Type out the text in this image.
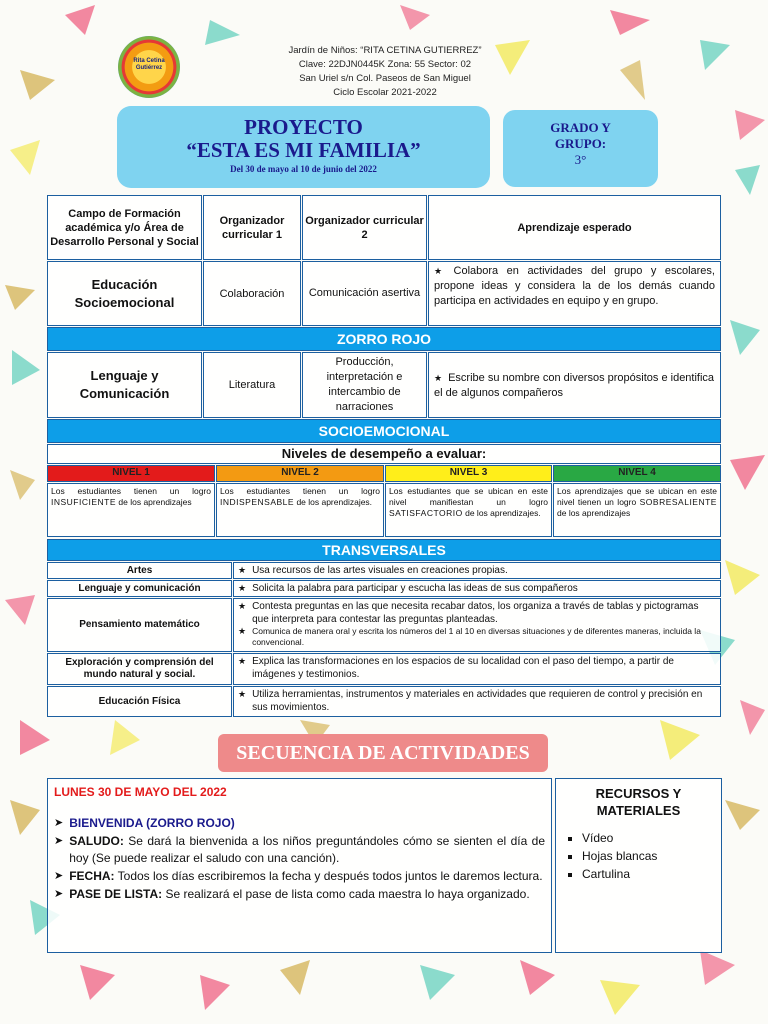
Rita Cetina Gutiérrez
Jardín de Niños: “RITA CETINA GUTIERREZ”
Clave: 22DJN0445K Zona: 55 Sector: 02
San Uriel s/n Col. Paseos de San Miguel
Ciclo Escolar 2021-2022
PROYECTO
“ESTA ES MI FAMILIA”
Del 30 de mayo al 10 de junio del 2022
GRADO Y
GRUPO:
3°
Campo de Formación académica y/o Área de Desarrollo Personal y Social
Organizador curricular 1
Organizador curricular 2
Aprendizaje esperado
Educación Socioemocional
Colaboración Comunicación asertiva
★ Colabora en actividades del grupo y escolares, propone ideas y considera la de los demás cuando participa en actividades en equipo y en grupo.
ZORRO ROJO
Lenguaje y Comunicación
Literatura
Producción, interpretación e intercambio de narraciones
★ Escribe su nombre con diversos propósitos e identifica el de algunos compañeros
SOCIOEMOCIONAL
Niveles de desempeño a evaluar:
NIVEL 1
Los estudiantes tienen un logro INSUFICIENTE de los aprendizajes
NIVEL 2
Los estudiantes tienen un logro INDISPENSABLE de los aprendizajes.
NIVEL 3
Los estudiantes que se ubican en este nivel manifiestan un logro SATISFACTORIO de los aprendizajes.
NIVEL 4
Los aprendizajes que se ubican en este nivel tienen un logro SOBRESALIENTE de los aprendizajes
TRANSVERSALES
Artes	★ Usa recursos de las artes visuales en creaciones propias.
Lenguaje y comunicación	★ Solicita la palabra para participar y escucha las ideas de sus compañeros
Pensamiento matemático
★ Contesta preguntas en las que necesita recabar datos, los organiza a través de tablas y pictogramas que interpreta para contestar las preguntas planteadas.
★ Comunica de manera oral y escrita los números del 1 al 10 en diversas situaciones y de diferentes maneras, incluida la convencional.
Exploración y comprensión del mundo natural y social.
★ Explica las transformaciones en los espacios de su localidad con el paso del tiempo, a partir de imágenes y testimonios.
Educación Física
★ Utiliza herramientas, instrumentos y materiales en actividades que requieren de control y precisión en sus movimientos.
SECUENCIA DE ACTIVIDADES
LUNES 30 DE MAYO DEL 2022
➤ BIENVENIDA (ZORRO ROJO)
➤ SALUDO: Se dará la bienvenida a los niños preguntándoles cómo se sienten el día de hoy (Se puede realizar el saludo con una canción).
➤ FECHA: Todos los días escribiremos la fecha y después todos juntos le daremos lectura.
➤ PASE DE LISTA: Se realizará el pase de lista como cada maestra lo haya organizado.
RECURSOS Y MATERIALES
▪ Vídeo
▪ Hojas blancas
▪ Cartulina
